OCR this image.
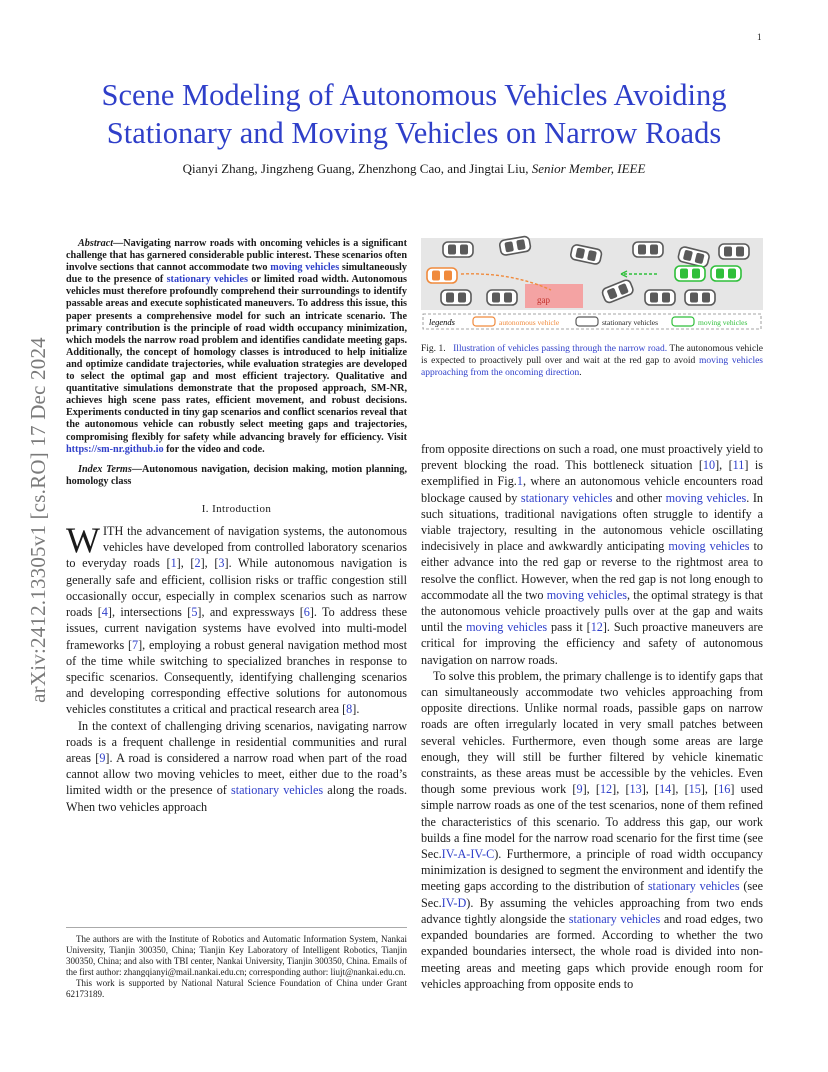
1
arXiv:2412.13305v1 [cs.RO] 17 Dec 2024
Scene Modeling of Autonomous Vehicles Avoiding Stationary and Moving Vehicles on Narrow Roads
Qianyi Zhang, Jingzheng Guang, Zhenzhong Cao, and Jingtai Liu, Senior Member, IEEE

Abstract—Navigating narrow roads with oncoming vehicles is a significant challenge that has garnered considerable public interest. These scenarios often involve sections that cannot accommodate two moving vehicles simultaneously due to the presence of stationary vehicles or limited road width. Autonomous vehicles must therefore profoundly comprehend their surroundings to identify passable areas and execute sophisticated maneuvers. To address this issue, this paper presents a comprehensive model for such an intricate scenario. The primary contribution is the principle of road width occupancy minimization, which models the narrow road problem and identifies candidate meeting gaps. Additionally, the concept of homology classes is introduced to help initialize and optimize candidate trajectories, while evaluation strategies are developed to select the optimal gap and most efficient trajectory. Qualitative and quantitative simulations demonstrate that the proposed approach, SM-NR, achieves high scene pass rates, efficient movement, and robust decisions. Experiments conducted in tiny gap scenarios and conflict scenarios reveal that the autonomous vehicle can robustly select meeting gaps and trajectories, compromising flexibly for safety while advancing bravely for efficiency. Visit https://sm-nr.github.io for the video and code.

Index Terms—Autonomous navigation, decision making, motion planning, homology class

I. Introduction

WITH the advancement of navigation systems, the autonomous vehicles have developed from controlled laboratory scenarios to everyday roads [1], [2], [3]. While autonomous navigation is generally safe and efficient, collision risks or traffic congestion still occasionally occur, especially in complex scenarios such as narrow roads [4], intersections [5], and expressways [6]. To address these issues, current navigation systems have evolved into multi-model frameworks [7], employing a robust general navigation method most of the time while switching to specialized branches in response to specific scenarios. Consequently, identifying challenging scenarios and developing corresponding effective solutions for autonomous vehicles constitutes a critical and practical research area [8].

In the context of challenging driving scenarios, navigating narrow roads is a frequent challenge in residential communities and rural areas [9]. A road is considered a narrow road when part of the road cannot allow two moving vehicles to meet, either due to the road’s limited width or the presence of stationary vehicles along the roads. When two vehicles approach

The authors are with the Institute of Robotics and Automatic Information System, Nankai University, Tianjin 300350, China; Tianjin Key Laboratory of Intelligent Robotics, Tianjin 300350, China; and also with TBI center, Nankai University, Tianjin 300350, China. Emails of the first author: zhangqianyi@mail.nankai.edu.cn; corresponding author: liujt@nankai.edu.cn.

This work is supported by National Natural Science Foundation of China under Grant 62173189.

gap
legends	autonomous vehicle	stationary vehicles	moving vehicles
Fig. 1. Illustration of vehicles passing through the narrow road. The autonomous vehicle is expected to proactively pull over and wait at the red gap to avoid moving vehicles approaching from the oncoming direction.

from opposite directions on such a road, one must proactively yield to prevent blocking the road. This bottleneck situation [10], [11] is exemplified in Fig.1, where an autonomous vehicle encounters road blockage caused by stationary vehicles and other moving vehicles. In such situations, traditional navigations often struggle to identify a viable trajectory, resulting in the autonomous vehicle oscillating indecisively in place and awkwardly anticipating moving vehicles to either advance into the red gap or reverse to the rightmost area to resolve the conflict. However, when the red gap is not long enough to accommodate all the two moving vehicles, the optimal strategy is that the autonomous vehicle proactively pulls over at the gap and waits until the moving vehicles pass it [12]. Such proactive maneuvers are critical for improving the efficiency and safety of autonomous navigation on narrow roads.

To solve this problem, the primary challenge is to identify gaps that can simultaneously accommodate two vehicles approaching from opposite directions. Unlike normal roads, passible gaps on narrow roads are often irregularly located in very small patches between several vehicles. Furthermore, even though some areas are large enough, they will still be further filtered by vehicle kinematic constraints, as these areas must be accessible by the vehicles. Even though some previous work [9], [12], [13], [14], [15], [16] used simple narrow roads as one of the test scenarios, none of them refined the characteristics of this scenario. To address this gap, our work builds a fine model for the narrow road scenario for the first time (see Sec.IV-A-IV-C). Furthermore, a principle of road width occupancy minimization is designed to segment the environment and identify the meeting gaps according to the distribution of stationary vehicles (see Sec.IV-D). By assuming the vehicles approaching from two ends advance tightly alongside the stationary vehicles and road edges, two expanded boundaries are formed. According to whether the two expanded boundaries intersect, the whole road is divided into non-meeting areas and meeting gaps which provide enough room for vehicles approaching from opposite ends to
